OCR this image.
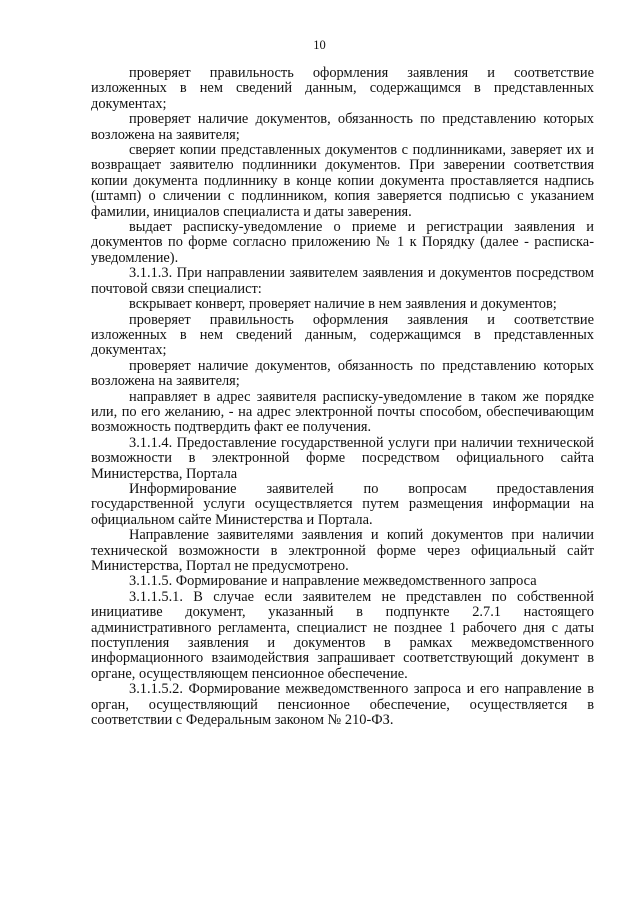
10

проверяет правильность оформления заявления и соответствие изложенных в нем сведений данным, содержащимся в представленных документах;

проверяет наличие документов, обязанность по представлению которых возложена на заявителя;

сверяет копии представленных документов с подлинниками, заверяет их и возвращает заявителю подлинники документов. При заверении соответствия копии документа подлиннику в конце копии документа проставляется надпись (штамп) о сличении с подлинником, копия заверяется подписью с указанием фамилии, инициалов специалиста и даты заверения.

выдает расписку-уведомление о приеме и регистрации заявления и документов по форме согласно приложению № 1 к Порядку (далее - расписка-уведомление).

3.1.1.3. При направлении заявителем заявления и документов посредством почтовой связи специалист:

вскрывает конверт, проверяет наличие в нем заявления и документов;

проверяет правильность оформления заявления и соответствие изложенных в нем сведений данным, содержащимся в представленных документах;

проверяет наличие документов, обязанность по представлению которых возложена на заявителя;

направляет в адрес заявителя расписку-уведомление в таком же порядке или, по его желанию, - на адрес электронной почты способом, обеспечивающим возможность подтвердить факт ее получения.

3.1.1.4. Предоставление государственной услуги при наличии технической возможности в электронной форме посредством официального сайта Министерства, Портала

Информирование заявителей по вопросам предоставления государственной услуги осуществляется путем размещения информации на официальном сайте Министерства и Портала.

Направление заявителями заявления и копий документов при наличии технической возможности в электронной форме через официальный сайт Министерства, Портал не предусмотрено.

3.1.1.5. Формирование и направление межведомственного запроса

3.1.1.5.1. В случае если заявителем не представлен по собственной инициативе документ, указанный в подпункте 2.7.1 настоящего административного регламента, специалист не позднее 1 рабочего дня с даты поступления заявления и документов в рамках межведомственного информационного взаимодействия запрашивает соответствующий документ в органе, осуществляющем пенсионное обеспечение.

3.1.1.5.2. Формирование межведомственного запроса и его направление в орган, осуществляющий пенсионное обеспечение, осуществляется в соответствии с Федеральным законом № 210-ФЗ.
